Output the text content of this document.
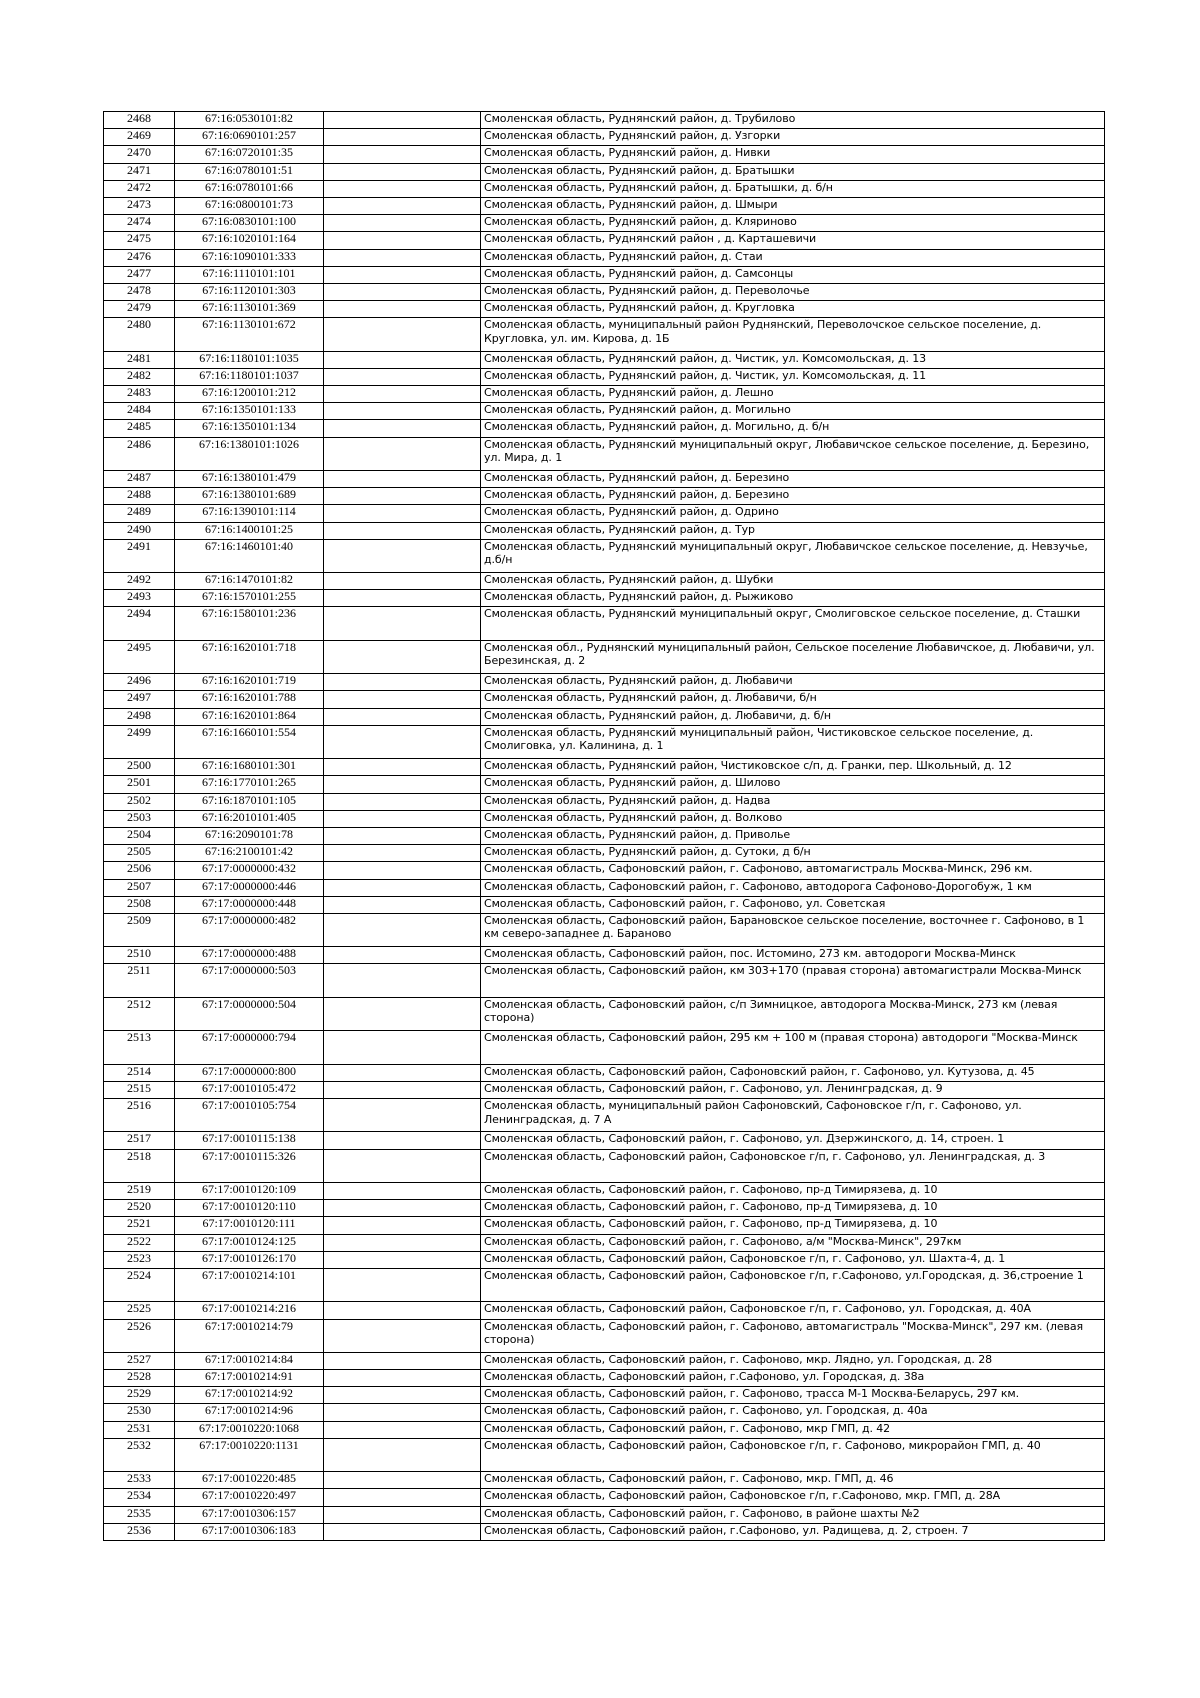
2468	67:16:0530101:82		Смоленская область, Руднянский район, д. Трубилово
2469	67:16:0690101:257		Смоленская область, Руднянский район, д. Узгорки
2470	67:16:0720101:35		Смоленская область, Руднянский район, д. Нивки
2471	67:16:0780101:51		Смоленская область, Руднянский район, д. Братышки
2472	67:16:0780101:66		Смоленская область, Руднянский район, д. Братышки, д. б/н
2473	67:16:0800101:73		Смоленская область, Руднянский район, д. Шмыри
2474	67:16:0830101:100		Смоленская область, Руднянский район, д. Кляриново
2475	67:16:1020101:164		Смоленская область, Руднянский район , д. Карташевичи
2476	67:16:1090101:333		Смоленская область, Руднянский район, д. Стаи
2477	67:16:1110101:101		Смоленская область, Руднянский район, д. Самсонцы
2478	67:16:1120101:303		Смоленская область, Руднянский район, д. Переволочье
2479	67:16:1130101:369		Смоленская область, Руднянский район, д. Кругловка
2480	67:16:1130101:672		Смоленская область, муниципальный район Руднянский, Переволочское сельское поселение, д. Кругловка, ул. им. Кирова, д. 1Б
2481	67:16:1180101:1035		Смоленская область, Руднянский район, д. Чистик, ул. Комсомольская, д. 13
2482	67:16:1180101:1037		Смоленская область, Руднянский район, д. Чистик, ул. Комсомольская, д. 11
2483	67:16:1200101:212		Смоленская область, Руднянский район, д. Лешно
2484	67:16:1350101:133		Смоленская область, Руднянский район, д. Могильно
2485	67:16:1350101:134		Смоленская область, Руднянский район, д. Могильно, д. б/н
2486	67:16:1380101:1026		Смоленская область, Руднянский муниципальный округ, Любавичское сельское поселение, д. Березино, ул. Мира, д. 1
2487	67:16:1380101:479		Смоленская область, Руднянский район, д. Березино
2488	67:16:1380101:689		Смоленская область, Руднянский район, д. Березино
2489	67:16:1390101:114		Смоленская область, Руднянский район, д. Одрино
2490	67:16:1400101:25		Смоленская область, Руднянский район, д. Тур
2491	67:16:1460101:40		Смоленская область, Руднянский муниципальный округ, Любавичское сельское поселение, д. Невзучье, д.б/н
2492	67:16:1470101:82		Смоленская область, Руднянский район, д. Шубки
2493	67:16:1570101:255		Смоленская область, Руднянский район, д. Рыжиково
2494	67:16:1580101:236		Смоленская область, Руднянский муниципальный округ, Смолиговское сельское поселение, д. Сташки
2495	67:16:1620101:718		Смоленская обл., Руднянский муниципальный район, Сельское поселение Любавичское, д. Любавичи, ул. Березинская, д. 2
2496	67:16:1620101:719		Смоленская область, Руднянский район, д. Любавичи
2497	67:16:1620101:788		Смоленская область, Руднянский район, д. Любавичи, б/н
2498	67:16:1620101:864		Смоленская область, Руднянский район, д. Любавичи, д. б/н
2499	67:16:1660101:554		Смоленская область, Руднянский муниципальный район, Чистиковское сельское поселение, д. Смолиговка, ул. Калинина, д. 1
2500	67:16:1680101:301		Смоленская область, Руднянский район, Чистиковское с/п, д. Гранки, пер. Школьный, д. 12
2501	67:16:1770101:265		Смоленская область, Руднянский район, д. Шилово
2502	67:16:1870101:105		Смоленская область, Руднянский район, д. Надва
2503	67:16:2010101:405		Смоленская область, Руднянский район, д. Волково
2504	67:16:2090101:78		Смоленская область, Руднянский район, д. Приволье
2505	67:16:2100101:42		Смоленская область, Руднянский район, д. Сутоки, д б/н
2506	67:17:0000000:432		Смоленская область, Сафоновский район, г. Сафоново, автомагистраль Москва-Минск, 296 км.
2507	67:17:0000000:446		Смоленская область, Сафоновский район, г. Сафоново, автодорога Сафоново-Дорогобуж, 1 км
2508	67:17:0000000:448		Смоленская область, Сафоновский район, г. Сафоново, ул. Советская
2509	67:17:0000000:482		Смоленская область, Сафоновский район, Барановское сельское поселение, восточнее г. Сафоново, в 1 км северо-западнее д. Бараново
2510	67:17:0000000:488		Смоленская область, Сафоновский район, пос. Истомино, 273 км. автодороги Москва-Минск
2511	67:17:0000000:503		Смоленская область, Сафоновский район, км 303+170 (правая сторона) автомагистрали Москва-Минск
2512	67:17:0000000:504		Смоленская область, Сафоновский район, с/п Зимницкое, автодорога Москва-Минск, 273 км (левая сторона)
2513	67:17:0000000:794		Смоленская область, Сафоновский район, 295 км + 100 м (правая сторона) автодороги "Москва-Минск
2514	67:17:0000000:800		Смоленская область, Сафоновский район, Сафоновский район, г. Сафоново, ул. Кутузова, д. 45
2515	67:17:0010105:472		Смоленская область, Сафоновский район, г. Сафоново, ул. Ленинградская, д. 9
2516	67:17:0010105:754		Смоленская область, муниципальный район Сафоновский, Сафоновское г/п, г. Сафоново, ул. Ленинградская, д. 7 А
2517	67:17:0010115:138		Смоленская область, Сафоновский район, г. Сафоново, ул. Дзержинского, д. 14, строен. 1
2518	67:17:0010115:326		Смоленская область, Сафоновский район, Сафоновское г/п, г. Сафоново, ул. Ленинградская, д. 3
2519	67:17:0010120:109		Смоленская область, Сафоновский район, г. Сафоново, пр-д Тимирязева, д. 10
2520	67:17:0010120:110		Смоленская область, Сафоновский район, г. Сафоново, пр-д Тимирязева, д. 10
2521	67:17:0010120:111		Смоленская область, Сафоновский район, г. Сафоново, пр-д Тимирязева, д. 10
2522	67:17:0010124:125		Смоленская область, Сафоновский район, г. Сафоново, а/м "Москва-Минск", 297км
2523	67:17:0010126:170		Смоленская область, Сафоновский район, Сафоновское г/п, г. Сафоново, ул. Шахта-4, д. 1
2524	67:17:0010214:101		Смоленская область, Сафоновский район, Сафоновское г/п, г.Сафоново, ул.Городская, д. 36,строение 1
2525	67:17:0010214:216		Смоленская область, Сафоновский район, Сафоновское г/п, г. Сафоново, ул. Городская, д. 40А
2526	67:17:0010214:79		Смоленская область, Сафоновский район, г. Сафоново, автомагистраль "Москва-Минск", 297 км. (левая сторона)
2527	67:17:0010214:84		Смоленская область, Сафоновский район, г. Сафоново, мкр. Лядно, ул. Городская, д. 28
2528	67:17:0010214:91		Смоленская область, Сафоновский район, г.Сафоново, ул. Городская, д. 38а
2529	67:17:0010214:92		Смоленская область, Сафоновский район, г. Сафоново, трасса М-1 Москва-Беларусь, 297 км.
2530	67:17:0010214:96		Смоленская область, Сафоновский район, г. Сафоново, ул. Городская, д. 40а
2531	67:17:0010220:1068		Смоленская область, Сафоновский район, г. Сафоново, мкр ГМП, д. 42
2532	67:17:0010220:1131		Смоленская область, Сафоновский район, Сафоновское г/п, г. Сафоново, микрорайон ГМП, д. 40
2533	67:17:0010220:485		Смоленская область, Сафоновский район, г. Сафоново, мкр. ГМП, д. 46
2534	67:17:0010220:497		Смоленская область, Сафоновский район, Сафоновское г/п, г.Сафоново, мкр. ГМП, д. 28А
2535	67:17:0010306:157		Смоленская область, Сафоновский район, г. Сафоново, в районе шахты №2
2536	67:17:0010306:183		Смоленская область, Сафоновский район, г.Сафоново, ул. Радищева, д. 2, строен. 7
